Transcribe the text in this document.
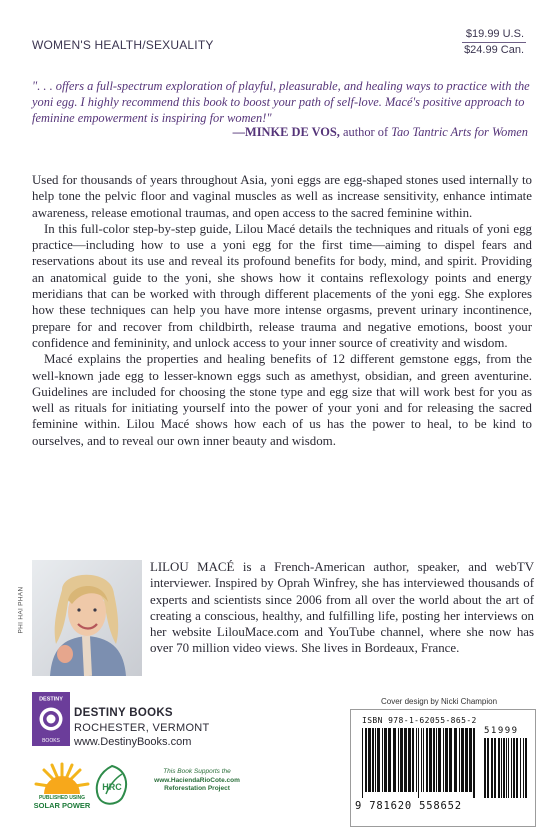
WOMEN'S HEALTH/SEXUALITY
$19.99 U.S.
$24.99 Can.
". . . offers a full-spectrum exploration of playful, pleasurable, and healing ways to practice with the yoni egg. I highly recommend this book to boost your path of self-love. Macé's positive approach to feminine empowerment is inspiring for women!"
—MINKE DE VOS, author of Tao Tantric Arts for Women

Used for thousands of years throughout Asia, yoni eggs are egg-shaped stones used internally to help tone the pelvic floor and vaginal muscles as well as increase sensitivity, enhance intimate awareness, release emotional traumas, and open access to the sacred feminine within.

In this full-color step-by-step guide, Lilou Macé details the techniques and rituals of yoni egg practice—including how to use a yoni egg for the first time—aiming to dispel fears and reservations about its use and reveal its profound benefits for body, mind, and spirit. Providing an anatomical guide to the yoni, she shows how it contains reflexology points and energy meridians that can be worked with through different placements of the yoni egg. She explores how these techniques can help you have more intense orgasms, prevent urinary incontinence, prepare for and recover from childbirth, release trauma and negative emotions, boost your confidence and femininity, and unlock access to your inner source of creativity and wisdom.

Macé explains the properties and healing benefits of 12 different gemstone eggs, from the well-known jade egg to lesser-known eggs such as amethyst, obsidian, and green aventurine. Guidelines are included for choosing the stone type and egg size that will work best for you as well as rituals for initiating yourself into the power of your yoni and for releasing the sacred feminine within. Lilou Macé shows how each of us has the power to heal, to be kind to ourselves, and to reveal our own inner beauty and wisdom.

PHI HAI PHAN
LILOU MACÉ is a French-American author, speaker, and webTV interviewer. Inspired by Oprah Winfrey, she has interviewed thousands of experts and scientists since 2006 from all over the world about the art of creating a conscious, healthy, and fulfilling life, posting her interviews on her website LilouMace.com and YouTube channel, where she now has over 70 million video views. She lives in Bordeaux, France.
DESTINY
BOOKS
DESTINY BOOKS
ROCHESTER, VERMONT
www.DestinyBooks.com
PUBLISHED USING
SOLAR POWER
HRC
This Book Supports the
www.HaciendaRioCote.com
Reforestation Project
Cover design by Nicki Champion
ISBN 978-1-62055-865-2
9 781620 558652
51999
